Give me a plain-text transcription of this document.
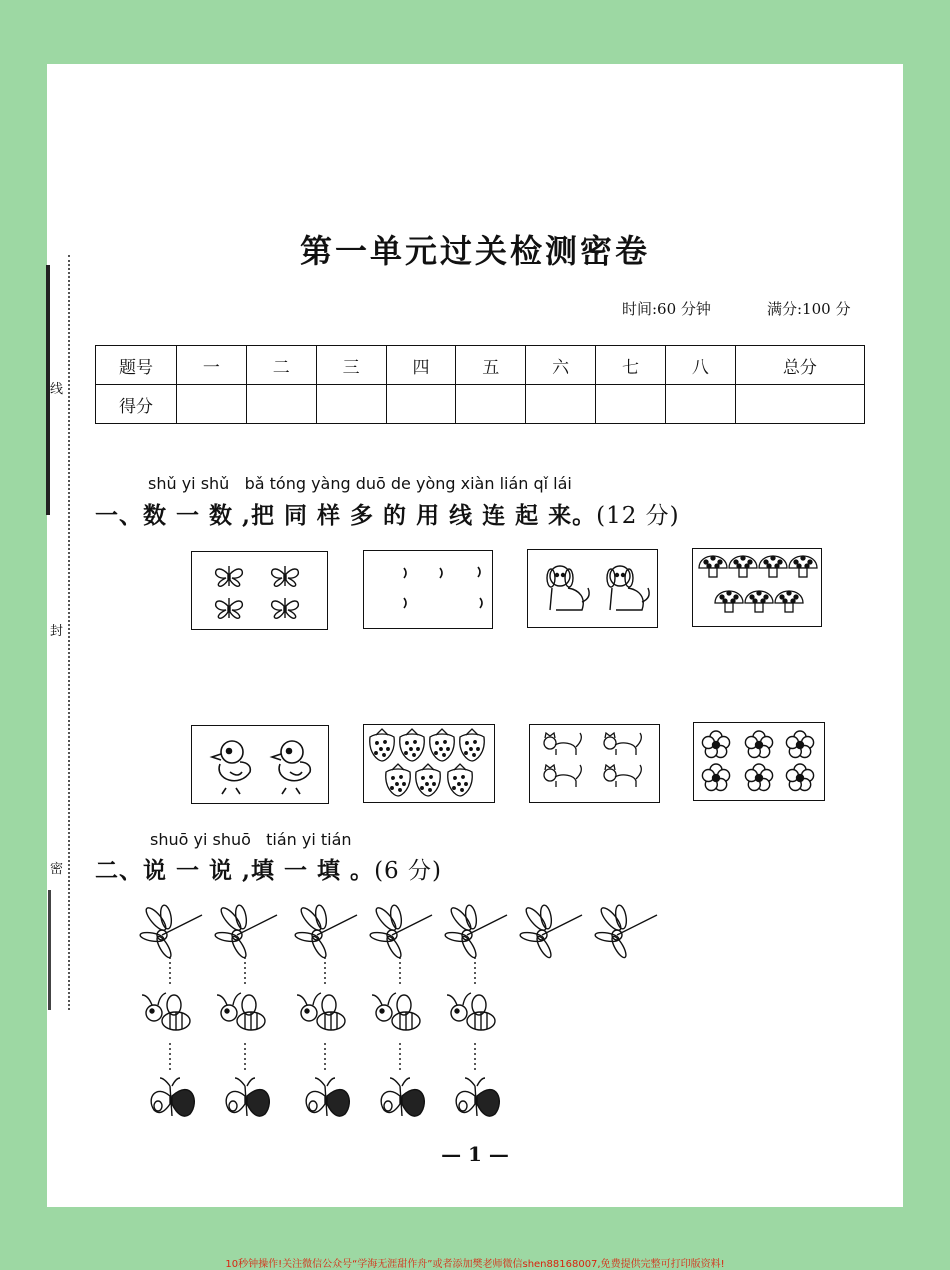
线
封
密
第一单元过关检测密卷
时间:60 分钟	满分:100 分
题号	一	二	三	四	五	六	七	八	总分
得分									
shǔ yi shǔ   bǎ tóng yàng duō de yòng xiàn lián qǐ lái
一、数 一 数 ,把 同 样 多 的 用 线 连 起 来。(12 分)
shuō yi shuō   tián yi tián
二、说 一 说 ,填 一 填 。(6 分)
— 1 —
10秒钟操作!关注微信公众号“学海无涯甜作舟”或者添加樊老师微信shen88168007,免费提供完整可打印版资料!
